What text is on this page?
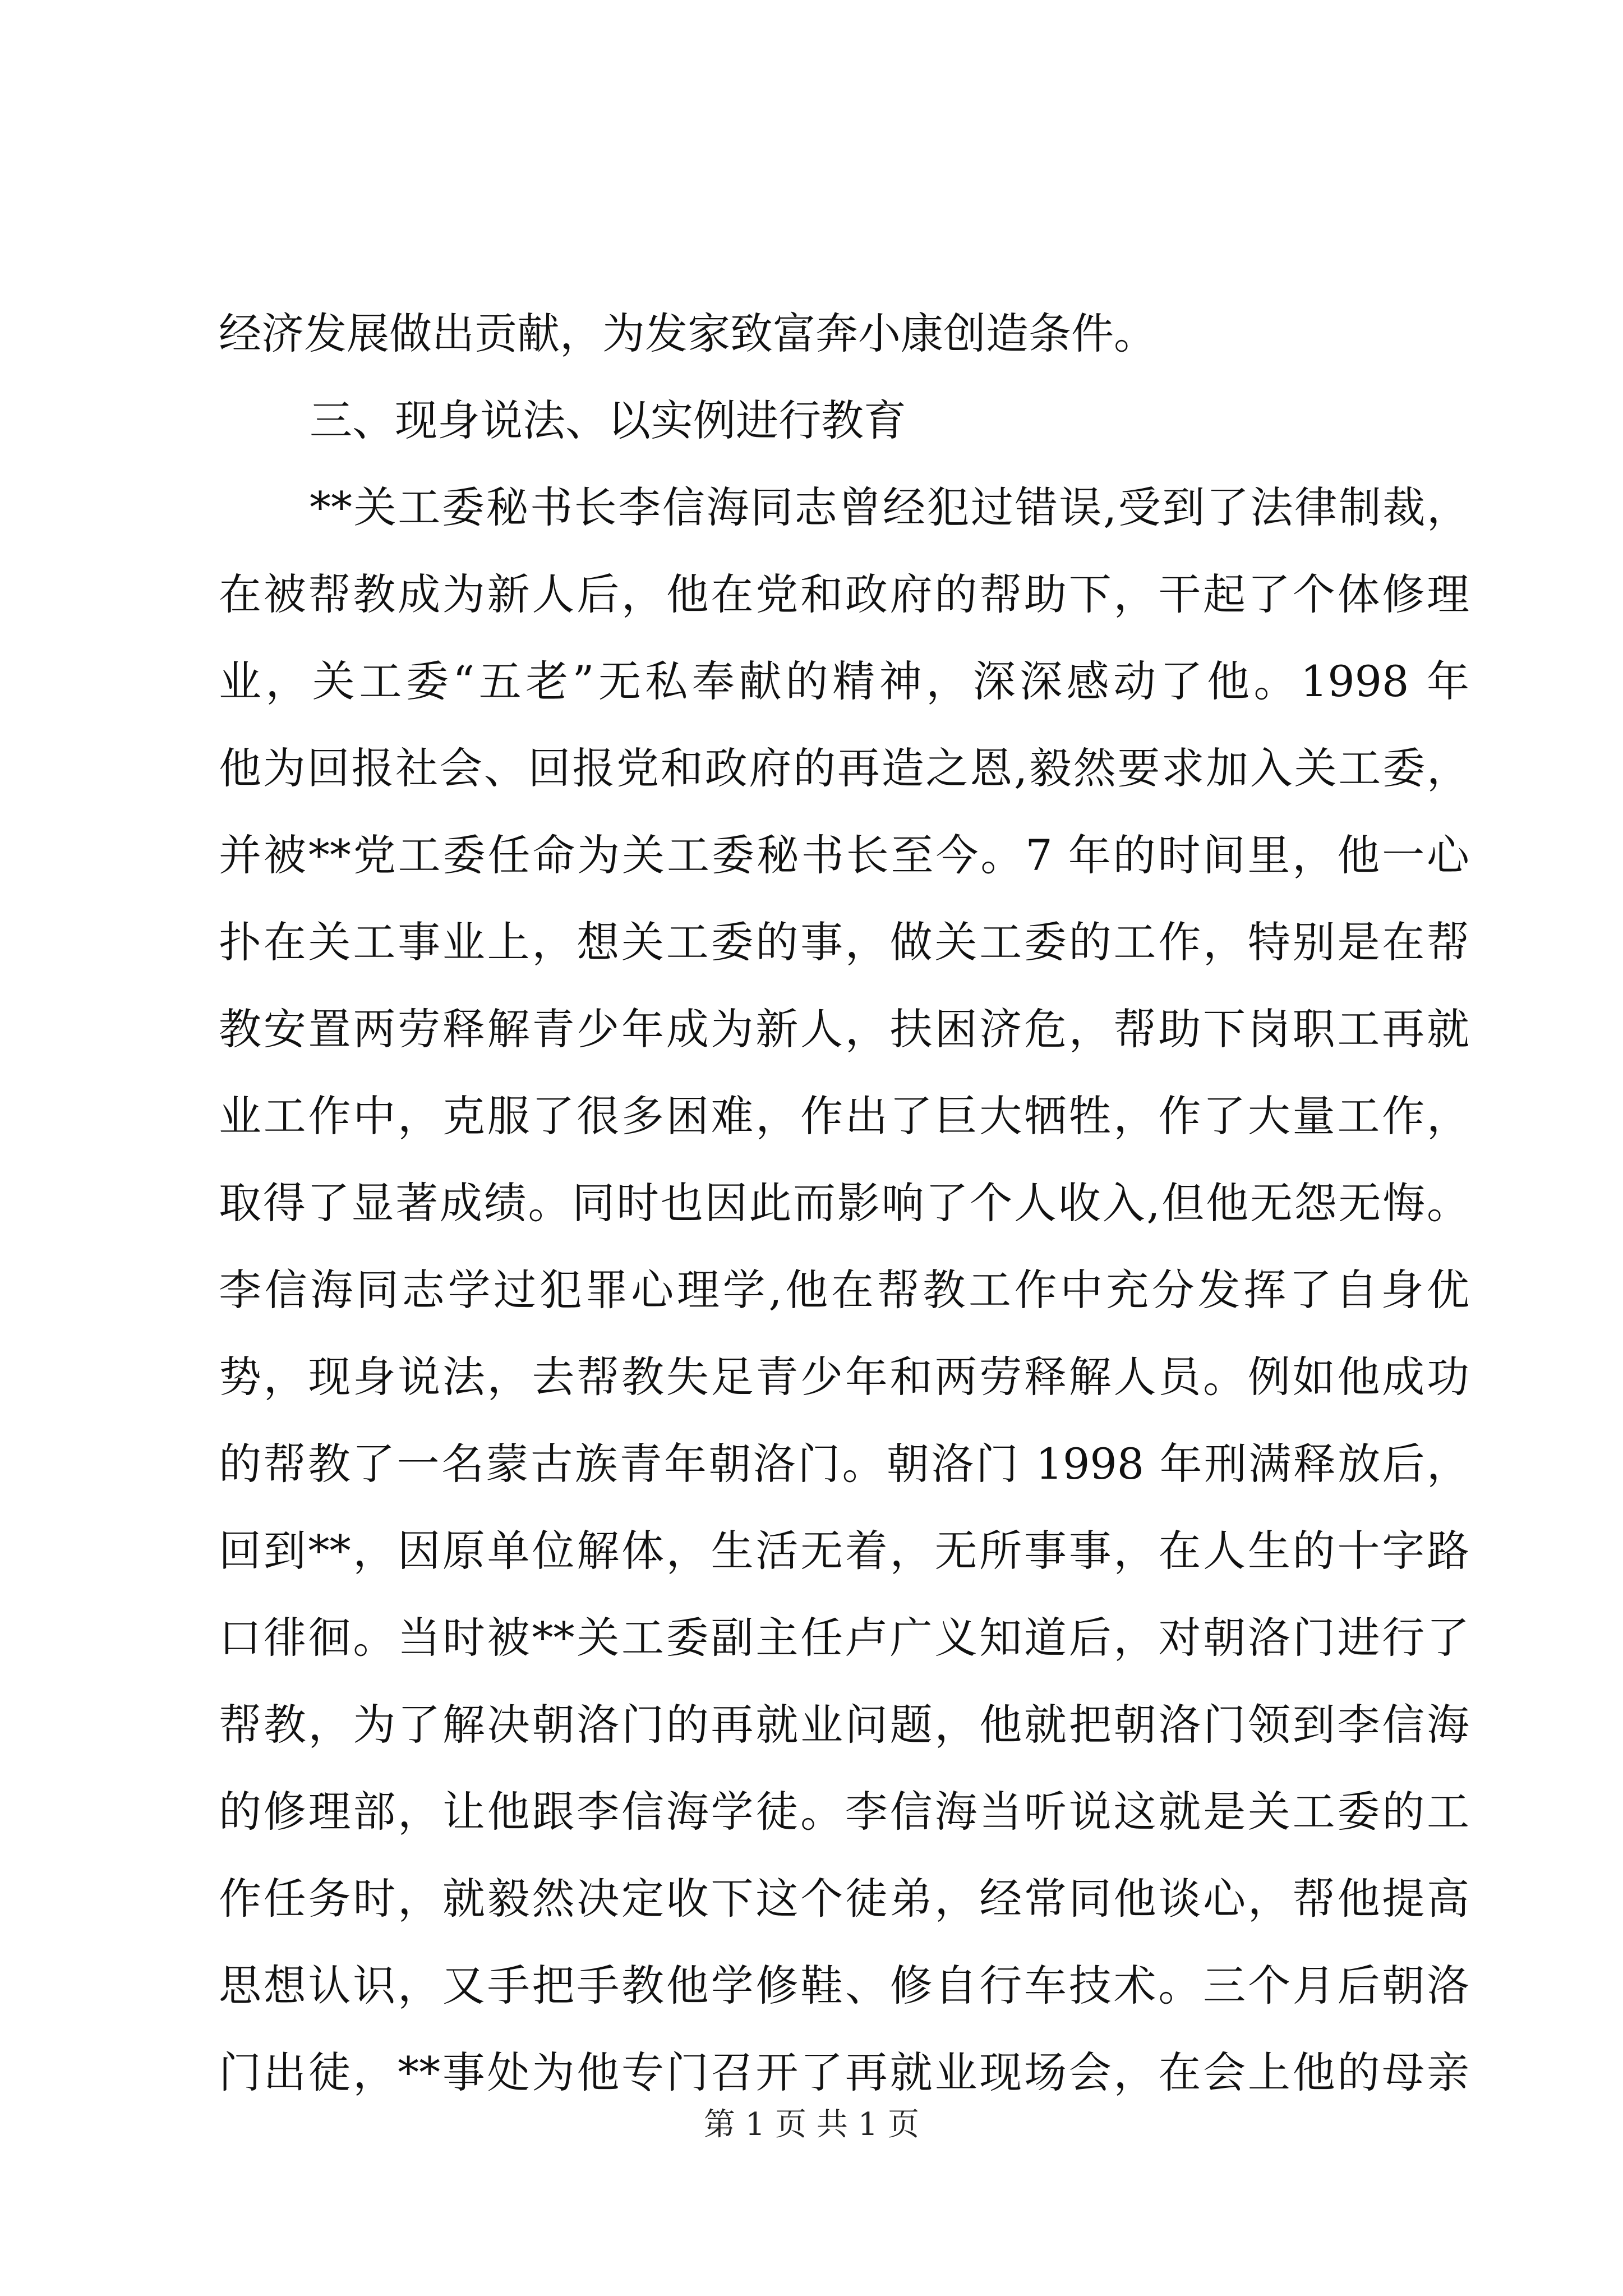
经济发展做出贡献，为发家致富奔小康创造条件。
三、现身说法、以实例进行教育
**关工委秘书长李信海同志曾经犯过错误,受到了法律制裁，
在被帮教成为新人后，他在党和政府的帮助下，干起了个体修理
业，关工委“五老”无私奉献的精神，深深感动了他。1998 年
他为回报社会、回报党和政府的再造之恩,毅然要求加入关工委，
并被**党工委任命为关工委秘书长至今。7 年的时间里，他一心
扑在关工事业上，想关工委的事，做关工委的工作，特别是在帮
教安置两劳释解青少年成为新人，扶困济危，帮助下岗职工再就
业工作中，克服了很多困难，作出了巨大牺牲，作了大量工作，
取得了显著成绩。同时也因此而影响了个人收入,但他无怨无悔。
李信海同志学过犯罪心理学,他在帮教工作中充分发挥了自身优
势，现身说法，去帮教失足青少年和两劳释解人员。例如他成功
的帮教了一名蒙古族青年朝洛门。朝洛门 1998 年刑满释放后，
回到**，因原单位解体，生活无着，无所事事，在人生的十字路
口徘徊。当时被**关工委副主任卢广义知道后，对朝洛门进行了
帮教，为了解决朝洛门的再就业问题，他就把朝洛门领到李信海
的修理部，让他跟李信海学徒。李信海当听说这就是关工委的工
作任务时，就毅然决定收下这个徒弟，经常同他谈心，帮他提高
思想认识，又手把手教他学修鞋、修自行车技术。三个月后朝洛
门出徒，**事处为他专门召开了再就业现场会，在会上他的母亲
第 1 页 共 1 页
